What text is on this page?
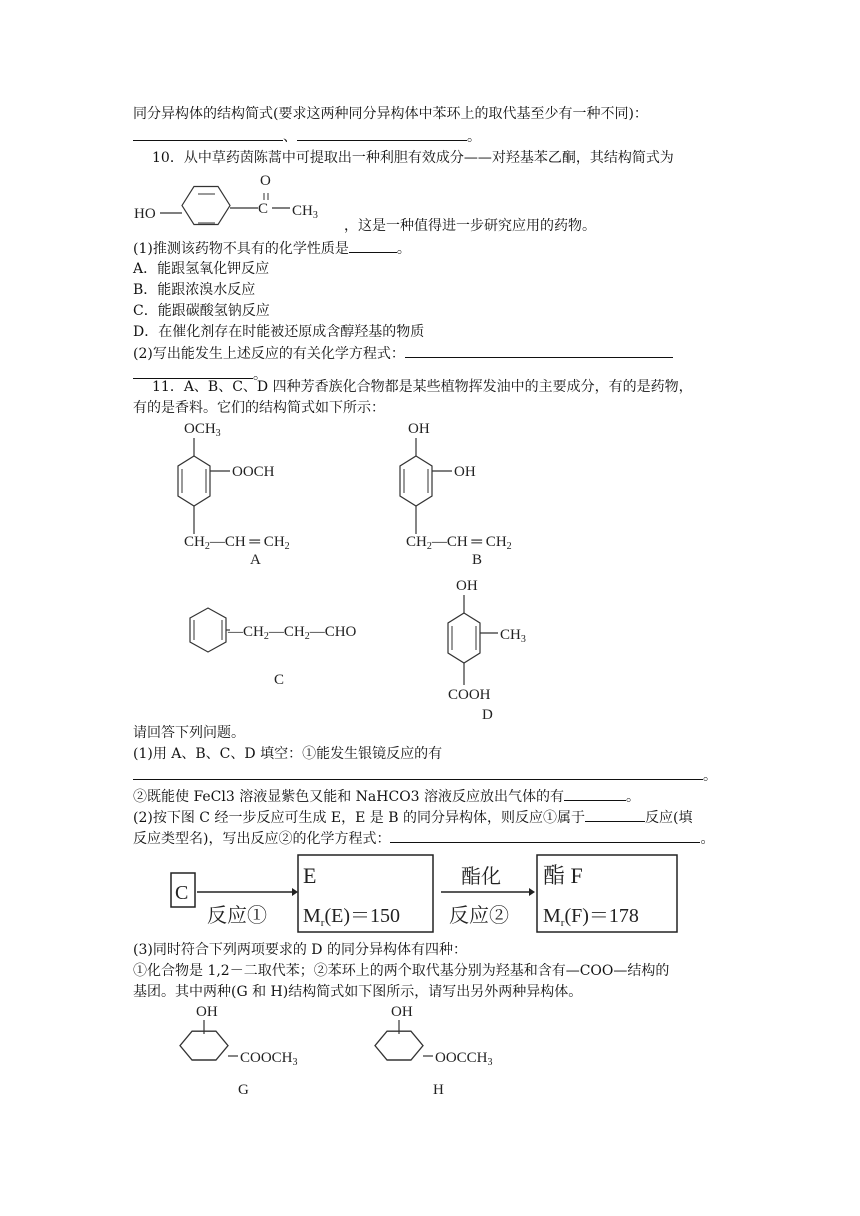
同分异构体的结构简式(要求这两种同分异构体中苯环上的取代基至少有一种不同)：
、	。
10．从中草药茵陈蒿中可提取出一种利胆有效成分——对羟基苯乙酮，其结构简式为
HO	C
O
$CH_3$
，这是一种值得进一步研究应用的药物。
(1)推测该药物不具有的化学性质是	。
A．能跟氢氧化钾反应
B．能跟浓溴水反应
C．能跟碳酸氢钠反应
D．在催化剂存在时能被还原成含醇羟基的物质
(2)写出能发生上述反应的有关化学方程式：
。
11．A、B、C、D 四种芳香族化合物都是某些植物挥发油中的主要成分，有的是药物，
有的是香料。它们的结构简式如下所示：
$OCH_3$
OOCH
$CH_2—CH$ ═ $CH_2$
A
OH
OH
$CH_2—CH$ ═ $CH_2$
B
$—CH_2—CH_2—CHO$
C
OH
$CH_3$
COOH
D
请回答下列问题。
(1)用 A、B、C、D 填空：①能发生银镜反应的有
。
②既能使 FeCl3 溶液显紫色又能和 NaHCO3 溶液反应放出气体的有	。
(2)按下图 C 经一步反应可生成 E，E 是 B 的同分异构体，则反应①属于	反应(填
反应类型名)，写出反应②的化学方程式：	。
C
反应①
E
$M_r(E)=150$
酯化
反应②
酯 F
$M_r(F)=178$
(3)同时符合下列两项要求的 D 的同分异构体有四种：
①化合物是 1,2－二取代苯；②苯环上的两个取代基分别为羟基和含有—COO—结构的
基团。其中两种(G 和 H)结构简式如下图所示，请写出另外两种异构体。
OH
$COOCH_3$
G
OH
$OOCCH_3$
H
